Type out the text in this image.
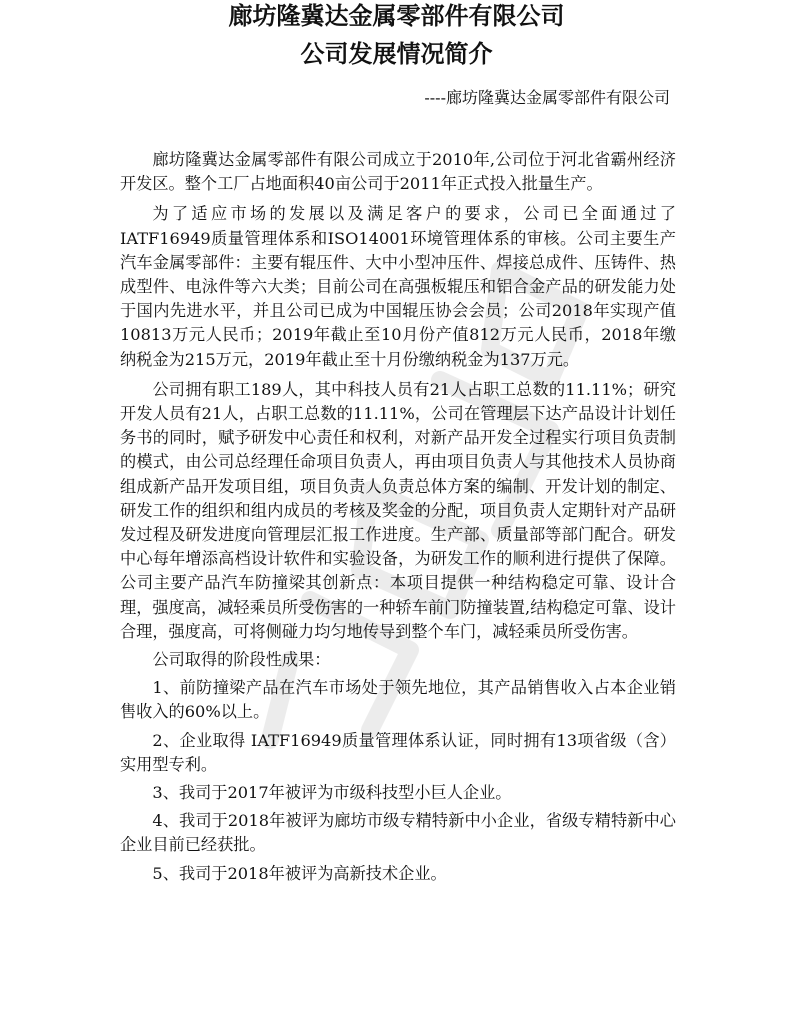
廊坊隆冀达金属零部件有限公司
公司发展情况简介
----廊坊隆冀达金属零部件有限公司

廊坊隆冀达金属零部件有限公司成立于2010年,公司位于河北省霸州经济开发区。整个工厂占地面积40亩公司于2011年正式投入批量生产。

为了适应市场的发展以及满足客户的要求，公司已全面通过了IATF16949质量管理体系和ISO14001环境管理体系的审核。公司主要生产汽车金属零部件：主要有辊压件、大中小型冲压件、焊接总成件、压铸件、热成型件、电泳件等六大类；目前公司在高强板辊压和铝合金产品的研发能力处于国内先进水平，并且公司已成为中国辊压协会会员；公司2018年实现产值10813万元人民币；2019年截止至10月份产值812万元人民币，2018年缴纳税金为215万元，2019年截止至十月份缴纳税金为137万元。

公司拥有职工189人，其中科技人员有21人占职工总数的11.11%；研究开发人员有21人，占职工总数的11.11%，公司在管理层下达产品设计计划任务书的同时，赋予研发中心责任和权利，对新产品开发全过程实行项目负责制的模式，由公司总经理任命项目负责人，再由项目负责人与其他技术人员协商组成新产品开发项目组，项目负责人负责总体方案的编制、开发计划的制定、研发工作的组织和组内成员的考核及奖金的分配，项目负责人定期针对产品研发过程及研发进度向管理层汇报工作进度。生产部、质量部等部门配合。研发中心每年增添高档设计软件和实验设备，为研发工作的顺利进行提供了保障。公司主要产品汽车防撞梁其创新点：本项目提供一种结构稳定可靠、设计合理，强度高，减轻乘员所受伤害的一种轿车前门防撞装置,结构稳定可靠、设计合理，强度高，可将侧碰力均匀地传导到整个车门，减轻乘员所受伤害。

公司取得的阶段性成果：

1、前防撞梁产品在汽车市场处于领先地位，其产品销售收入占本企业销售收入的60%以上。

2、企业取得 IATF16949质量管理体系认证，同时拥有13项省级（含）实用型专利。

3、我司于2017年被评为市级科技型小巨人企业。

4、我司于2018年被评为廊坊市级专精特新中小企业，省级专精特新中心企业目前已经获批。

5、我司于2018年被评为高新技术企业。
